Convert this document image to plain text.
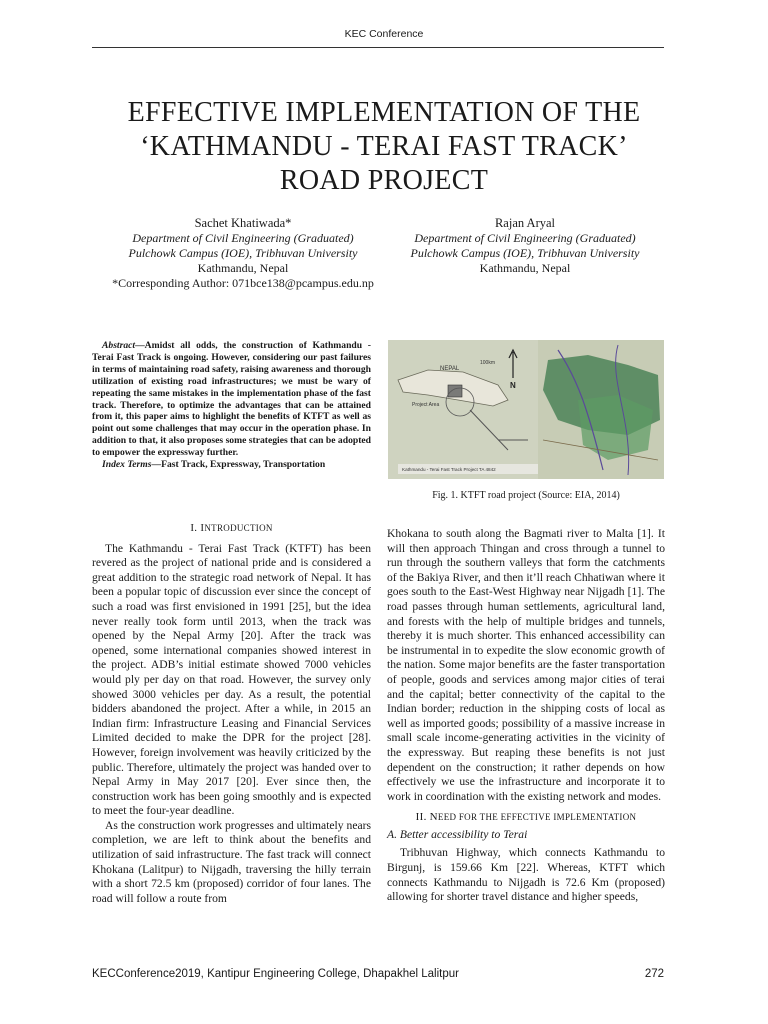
KEC Conference
EFFECTIVE IMPLEMENTATION OF THE
‘KATHMANDU - TERAI FAST TRACK’
ROAD PROJECT
Sachet Khatiwada*
Department of Civil Engineering (Graduated)
Pulchowk Campus (IOE), Tribhuvan University
Kathmandu, Nepal
*Corresponding Author: 071bce138@pcampus.edu.np
Rajan Aryal
Department of Civil Engineering (Graduated)
Pulchowk Campus (IOE), Tribhuvan University
Kathmandu, Nepal

Abstract—Amidst all odds, the construction of Kathmandu - Terai Fast Track is ongoing. However, considering our past failures in terms of maintaining road safety, raising awareness and thorough utilization of existing road infrastructures; we must be wary of repeating the same mistakes in the implementation phase of the fast track. Therefore, to optimize the advantages that can be attained from it, this paper aims to highlight the benefits of KTFT as well as point out some challenges that may occur in the operation phase. In addition to that, it also proposes some strategies that can be adopted to empower the expressway further.

Index Terms—Fast Track, Expressway, Transportation

NEPAL
Project Area
100km
N
Kathmandu - Terai Fast Track Project TA 4842
Fig. 1. KTFT road project (Source: EIA, 2014)
I. INTRODUCTION

The Kathmandu - Terai Fast Track (KTFT) has been revered as the project of national pride and is considered a great addition to the strategic road network of Nepal. It has been a popular topic of discussion ever since the concept of such a road was first envisioned in 1991 [25], but the idea never really took form until 2013, when the track was opened by the Nepal Army [20]. After the track was opened, some international companies showed interest in the project. ADB’s initial estimate showed 7000 vehicles would ply per day on that road. However, the survey only showed 3000 vehicles per day. As a result, the potential bidders abandoned the project. After a while, in 2015 an Indian firm: Infrastructure Leasing and Financial Services Limited decided to make the DPR for the project [28]. However, foreign involvement was heavily criticized by the public. Therefore, ultimately the project was handed over to Nepal Army in May 2017 [20]. Ever since then, the construction work has been going smoothly and is expected to meet the four-year deadline.

As the construction work progresses and ultimately nears completion, we are left to think about the benefits and utilization of said infrastructure. The fast track will connect Khokana (Lalitpur) to Nijgadh, traversing the hilly terrain with a short 72.5 km (proposed) corridor of four lanes. The road will follow a route from

Khokana to south along the Bagmati river to Malta [1]. It will then approach Thingan and cross through a tunnel to run through the southern valleys that form the catchments of the Bakiya River, and then it’ll reach Chhatiwan where it goes south to the East-West Highway near Nijgadh [1]. The road passes through human settlements, agricultural land, and forests with the help of multiple bridges and tunnels, thereby it is much shorter. This enhanced accessibility can be instrumental in to expedite the slow economic growth of the nation. Some major benefits are the faster transportation of people, goods and services among major cities of terai and the capital; better connectivity of the capital to the Indian border; reduction in the shipping costs of local as well as imported goods; possibility of a massive increase in small scale income-generating activities in the vicinity of the expressway. But reaping these benefits is not just dependent on the construction; it rather depends on how effectively we use the infrastructure and incorporate it to work in coordination with the existing network and modes.

II. NEED FOR THE EFFECTIVE IMPLEMENTATION
A. Better accessibility to Terai

Tribhuvan Highway, which connects Kathmandu to Birgunj, is 159.66 Km [22]. Whereas, KTFT which connects Kathmandu to Nijgadh is 72.6 Km (proposed) allowing for shorter travel distance and higher speeds,

KECConference2019, Kantipur Engineering College, Dhapakhel Lalitpur	272
